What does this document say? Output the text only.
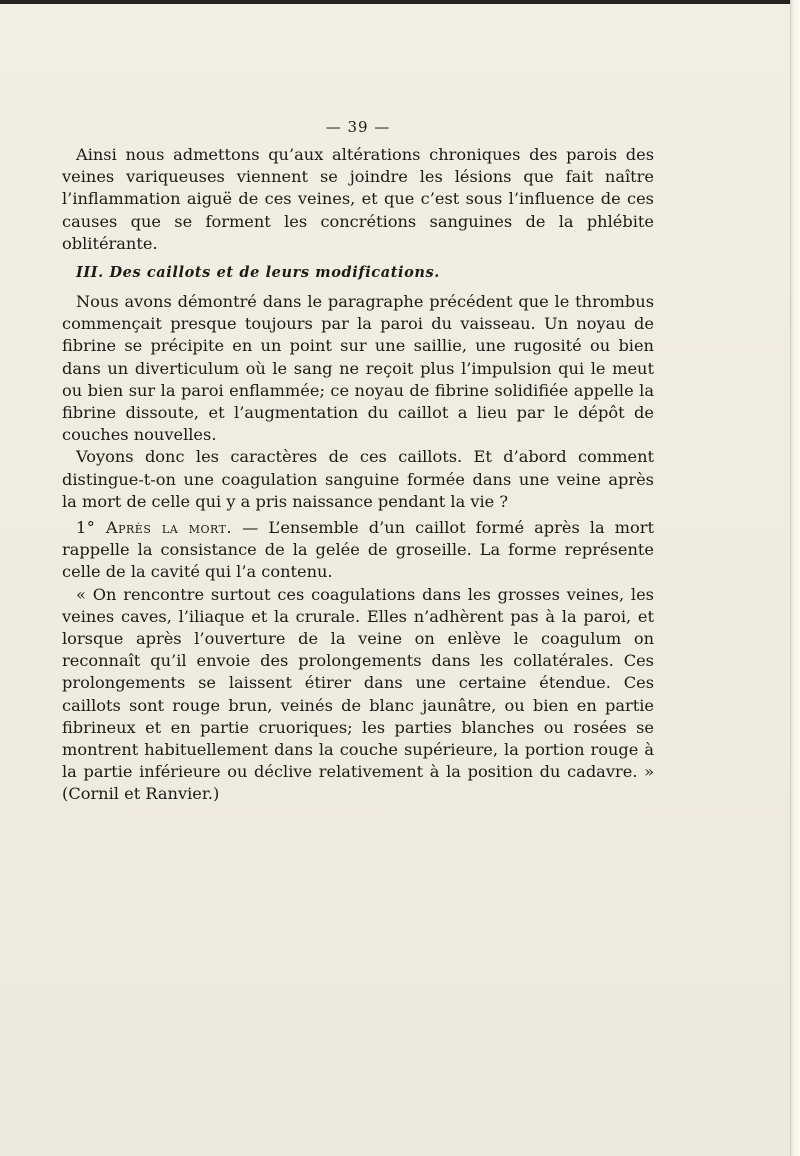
— 39 —

Ainsi nous admettons qu’aux altérations chroniques des parois des veines variqueuses viennent se joindre les lésions que fait naître l’inflammation aiguë de ces veines, et que c’est sous l’influence de ces causes que se forment les concrétions sanguines de la phlébite oblitérante.

III. Des caillots et de leurs modifications.

Nous avons démontré dans le paragraphe précédent que le thrombus commençait presque toujours par la paroi du vaisseau. Un noyau de fibrine se précipite en un point sur une saillie, une rugosité ou bien dans un diverticulum où le sang ne reçoit plus l’impulsion qui le meut ou bien sur la paroi enflammée; ce noyau de fibrine solidifiée appelle la fibrine dissoute, et l’augmentation du caillot a lieu par le dépôt de couches nouvelles.

Voyons donc les caractères de ces caillots. Et d’abord comment distingue-t-on une coagulation sanguine formée dans une veine après la mort de celle qui y a pris naissance pendant la vie ?

1° Après la mort. — L’ensemble d’un caillot formé après la mort rappelle la consistance de la gelée de groseille. La forme représente celle de la cavité qui l’a contenu.

« On rencontre surtout ces coagulations dans les grosses veines, les veines caves, l’iliaque et la crurale. Elles n’adhèrent pas à la paroi, et lorsque après l’ouverture de la veine on enlève le coagulum on reconnaît qu’il envoie des prolongements dans les collatérales. Ces prolongements se laissent étirer dans une certaine étendue. Ces caillots sont rouge brun, veinés de blanc jaunâtre, ou bien en partie fibrineux et en partie cruoriques; les parties blanches ou rosées se montrent habituellement dans la couche supérieure, la portion rouge à la partie inférieure ou déclive relativement à la position du cadavre. » (Cornil et Ranvier.)
